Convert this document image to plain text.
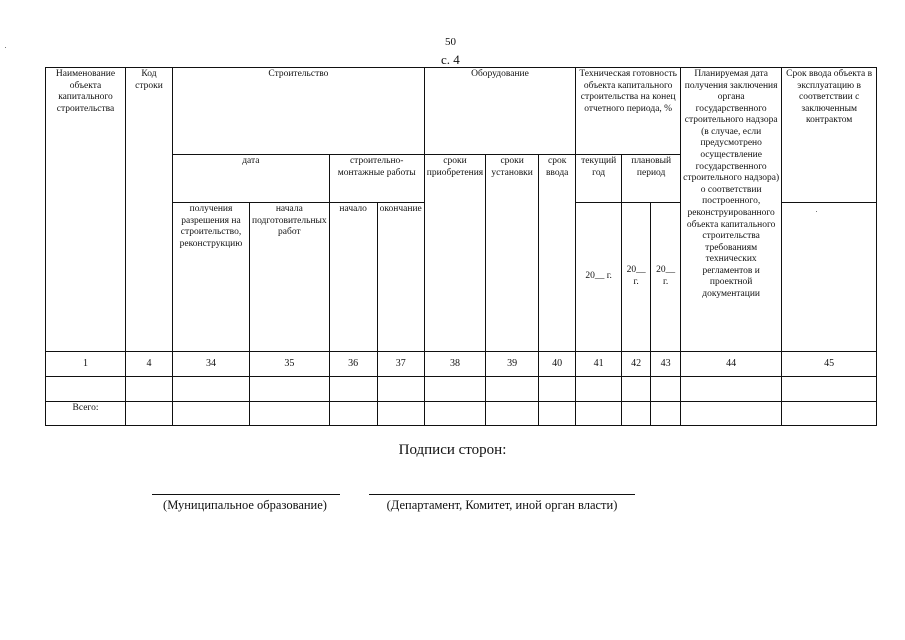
50
с. 4
Наименование объекта капитального строительства	Код строки	Строительство				Оборудование			Техническая готовность объекта капитального строительства на конец отчетного периода, %			Планируемая дата получения заключения органа государственного строительного надзора (в случае, если предусмотрено осуществление государственного строительного надзора) о соответствии построенного, реконструированного объекта капитального строительства требованиям технических регламентов и проектной документации	Срок ввода объекта в эксплуатацию в соответствии с заключенным контрактом
		дата		строительно-монтажные работы		сроки приобретения	сроки установки	срок ввода	текущий год	плановый период			
		получения разрешения на строительство, реконструкцию	начала подготовительных работ	начало	окончание				20__ г.	20__ г.	20__ г.		
1	4	34	35	36	37	38	39	40	41	42	43	44	45

Всего:													
Подписи сторон:
(Муниципальное образование)	(Департамент, Комитет, иной орган власти)
